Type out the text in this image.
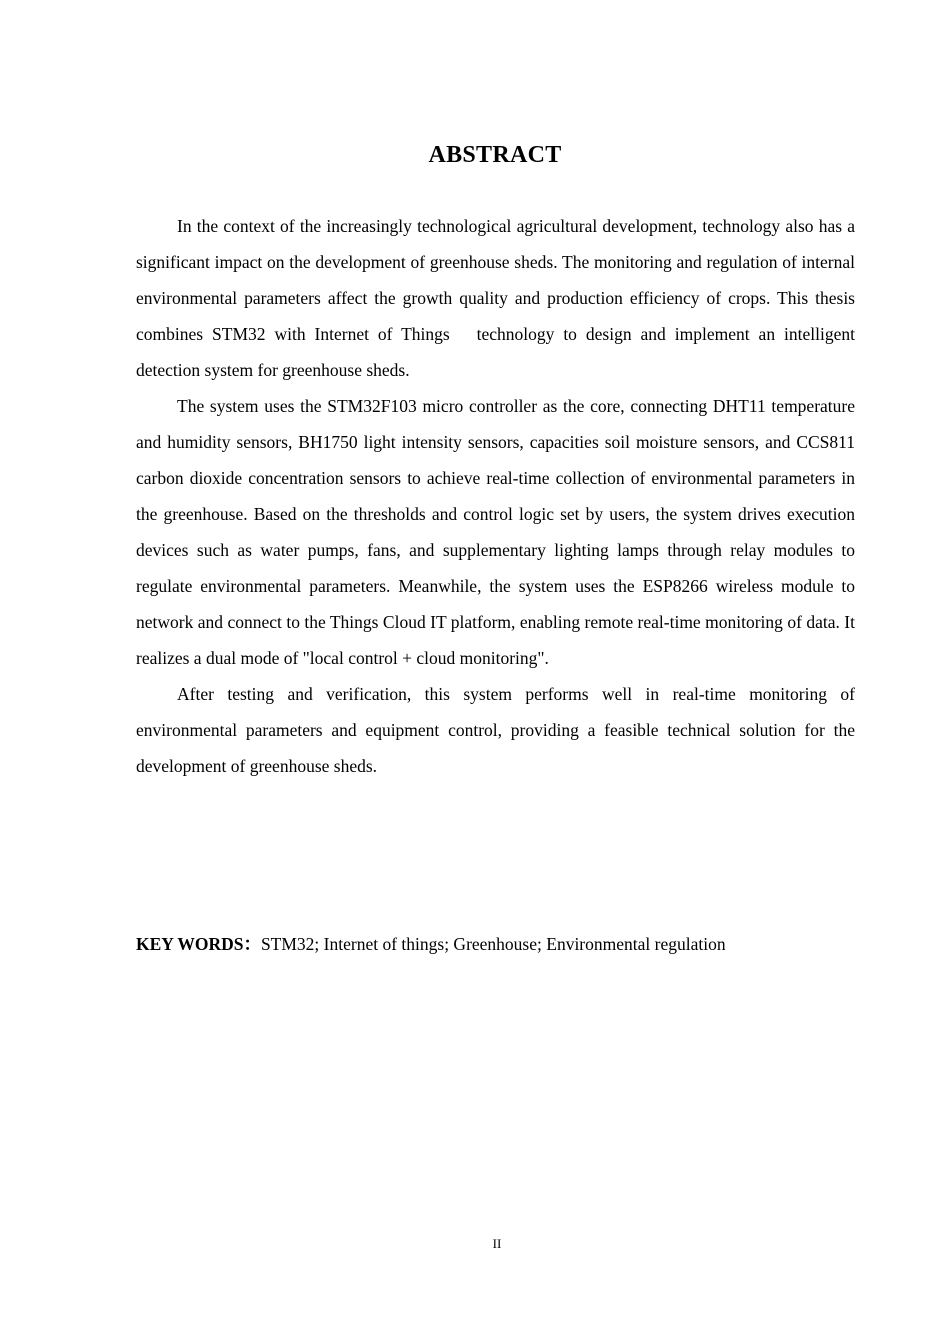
ABSTRACT

In the context of the increasingly technological agricultural development, technology also has a significant impact on the development of greenhouse sheds. The monitoring and regulation of internal environmental parameters affect the growth quality and production efficiency of crops. This thesis combines STM32 with Internet of Things   technology to design and implement an intelligent detection system for greenhouse sheds.

The system uses the STM32F103 micro controller as the core, connecting DHT11 temperature and humidity sensors, BH1750 light intensity sensors, capacities soil moisture sensors, and CCS811 carbon dioxide concentration sensors to achieve real-time collection of environmental parameters in the greenhouse. Based on the thresholds and control logic set by users, the system drives execution devices such as water pumps, fans, and supplementary lighting lamps through relay modules to regulate environmental parameters. Meanwhile, the system uses the ESP8266 wireless module to network and connect to the Things Cloud IT platform, enabling remote real-time monitoring of data. It realizes a dual mode of "local control + cloud monitoring".

After testing and verification, this system performs well in real-time monitoring of environmental parameters and equipment control, providing a feasible technical solution for the development of greenhouse sheds.

KEY WORDS：STM32; Internet of things; Greenhouse; Environmental regulation
II
